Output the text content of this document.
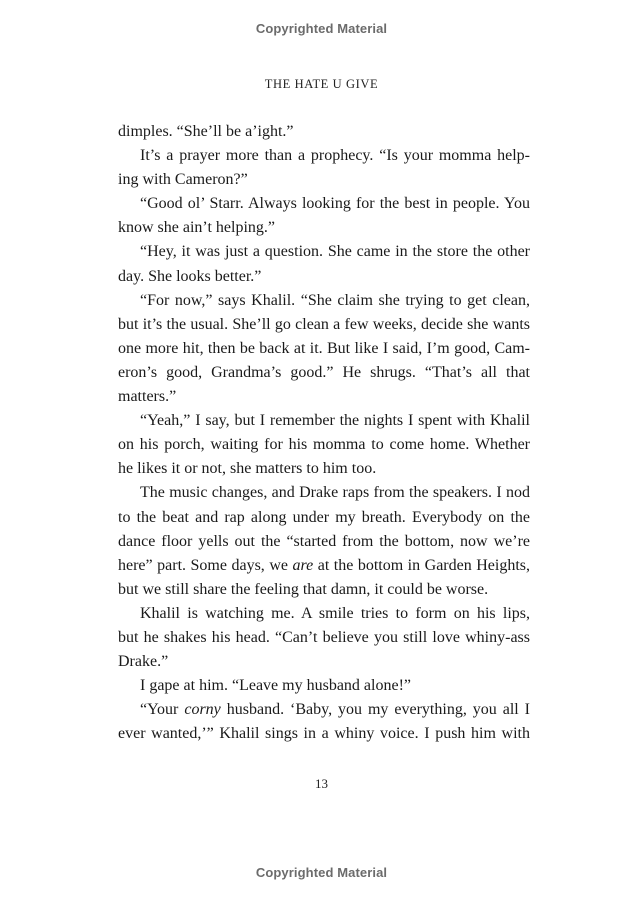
Copyrighted Material
THE HATE U GIVE
dimples. “She’ll be a’ight.”
It’s a prayer more than a prophecy. “Is your momma help-
ing with Cameron?”
“Good ol’ Starr. Always looking for the best in people. You
know she ain’t helping.”
“Hey, it was just a question. She came in the store the other
day. She looks better.”
“For now,” says Khalil. “She claim she trying to get clean,
but it’s the usual. She’ll go clean a few weeks, decide she wants
one more hit, then be back at it. But like I said, I’m good, Cam-
eron’s good, Grandma’s good.” He shrugs. “That’s all that
matters.”
“Yeah,” I say, but I remember the nights I spent with Khalil
on his porch, waiting for his momma to come home. Whether
he likes it or not, she matters to him too.
The music changes, and Drake raps from the speakers. I nod
to the beat and rap along under my breath. Everybody on the
dance floor yells out the “started from the bottom, now we’re
here” part. Some days, we are at the bottom in Garden Heights,
but we still share the feeling that damn, it could be worse.
Khalil is watching me. A smile tries to form on his lips,
but he shakes his head. “Can’t believe you still love whiny-ass
Drake.”
I gape at him. “Leave my husband alone!”
“Your corny husband. ‘Baby, you my everything, you all I
ever wanted,’” Khalil sings in a whiny voice. I push him with
13
Copyrighted Material
